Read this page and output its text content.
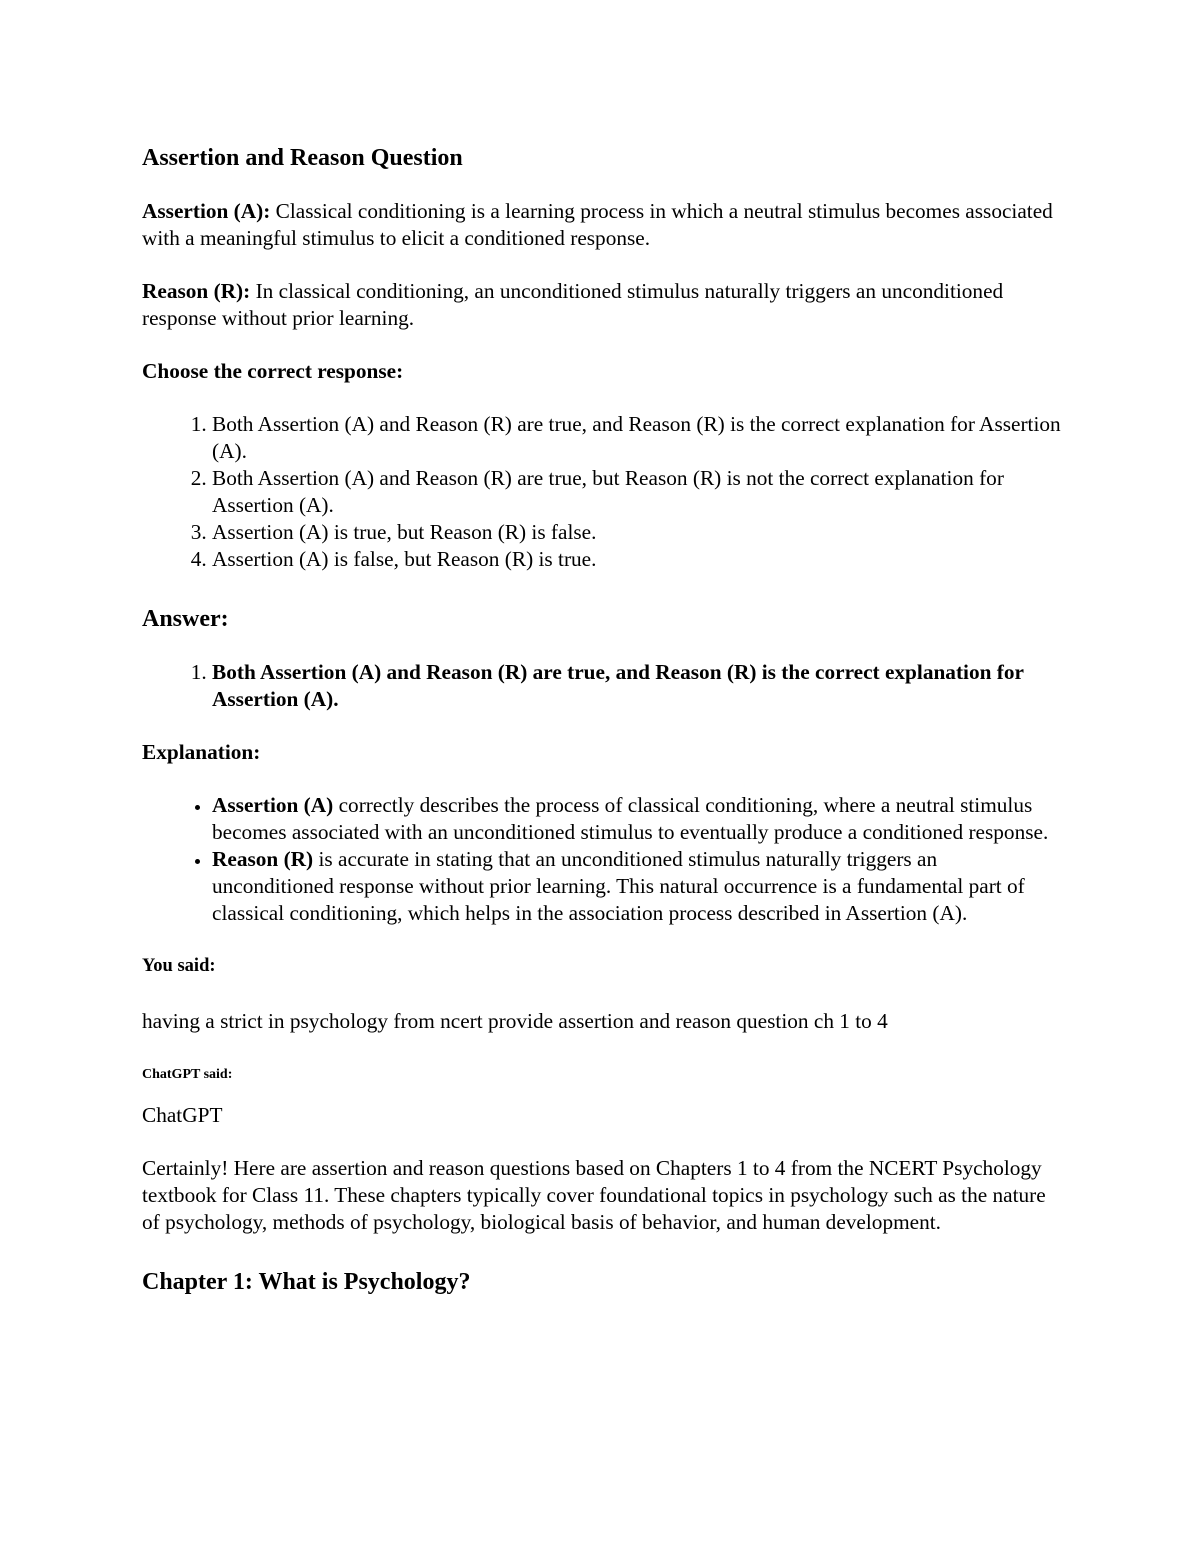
Assertion and Reason Question

Assertion (A): Classical conditioning is a learning process in which a neutral stimulus becomes associated with a meaningful stimulus to elicit a conditioned response.

Reason (R): In classical conditioning, an unconditioned stimulus naturally triggers an unconditioned response without prior learning.

Choose the correct response:

1. Both Assertion (A) and Reason (R) are true, and Reason (R) is the correct explanation for Assertion (A).
2. Both Assertion (A) and Reason (R) are true, but Reason (R) is not the correct explanation for Assertion (A).
3. Assertion (A) is true, but Reason (R) is false.
4. Assertion (A) is false, but Reason (R) is true.
Answer:
1. Both Assertion (A) and Reason (R) are true, and Reason (R) is the correct explanation for Assertion (A).

Explanation:

• Assertion (A) correctly describes the process of classical conditioning, where a neutral stimulus becomes associated with an unconditioned stimulus to eventually produce a conditioned response.
• Reason (R) is accurate in stating that an unconditioned stimulus naturally triggers an unconditioned response without prior learning. This natural occurrence is a fundamental part of classical conditioning, which helps in the association process described in Assertion (A).
You said:

having a strict in psychology from ncert provide assertion and reason question ch 1 to 4

ChatGPT said:

ChatGPT

Certainly! Here are assertion and reason questions based on Chapters 1 to 4 from the NCERT Psychology textbook for Class 11. These chapters typically cover foundational topics in psychology such as the nature of psychology, methods of psychology, biological basis of behavior, and human development.

Chapter 1: What is Psychology?
